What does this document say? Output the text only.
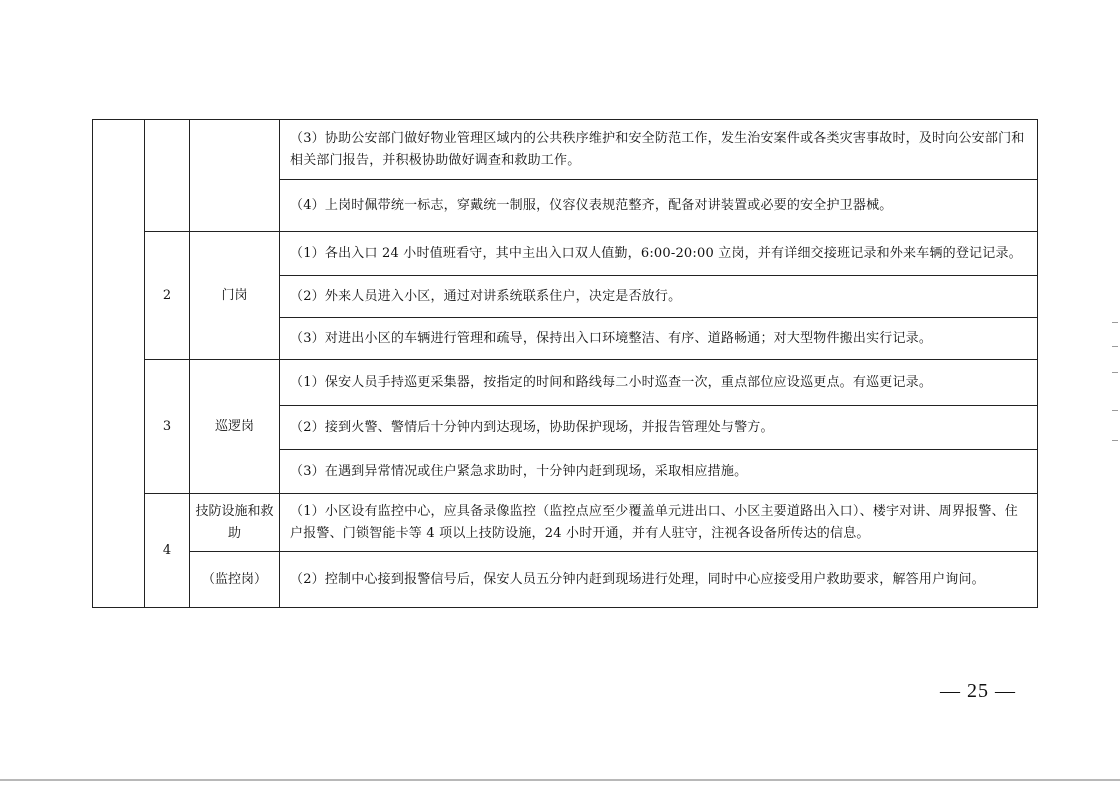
			（3）协助公安部门做好物业管理区域内的公共秩序维护和安全防范工作，发生治安案件或各类灾害事故时，及时向公安部门和相关部门报告，并积极协助做好调查和救助工作。
			（4）上岗时佩带统一标志，穿戴统一制服，仪容仪表规范整齐，配备对讲装置或必要的安全护卫器械。
	2	门岗	（1）各出入口 24 小时值班看守，其中主出入口双人值勤，6:00-20:00 立岗，并有详细交接班记录和外来车辆的登记记录。
			（2）外来人员进入小区，通过对讲系统联系住户，决定是否放行。
			（3）对进出小区的车辆进行管理和疏导，保持出入口环境整洁、有序、道路畅通；对大型物件搬出实行记录。
	3	巡逻岗	（1）保安人员手持巡更采集器，按指定的时间和路线每二小时巡查一次，重点部位应设巡更点。有巡更记录。
			（2）接到火警、警情后十分钟内到达现场，协助保护现场，并报告管理处与警方。
			（3）在遇到异常情况或住户紧急求助时，十分钟内赶到现场，采取相应措施。
	4	技防设施和救助	（1）小区设有监控中心，应具备录像监控（监控点应至少覆盖单元进出口、小区主要道路出入口）、楼宇对讲、周界报警、住户报警、门锁智能卡等 4 项以上技防设施，24 小时开通，并有人驻守，注视各设备所传达的信息。
		（监控岗）	（2）控制中心接到报警信号后，保安人员五分钟内赶到现场进行处理，同时中心应接受用户救助要求，解答用户询问。
— 25 —
